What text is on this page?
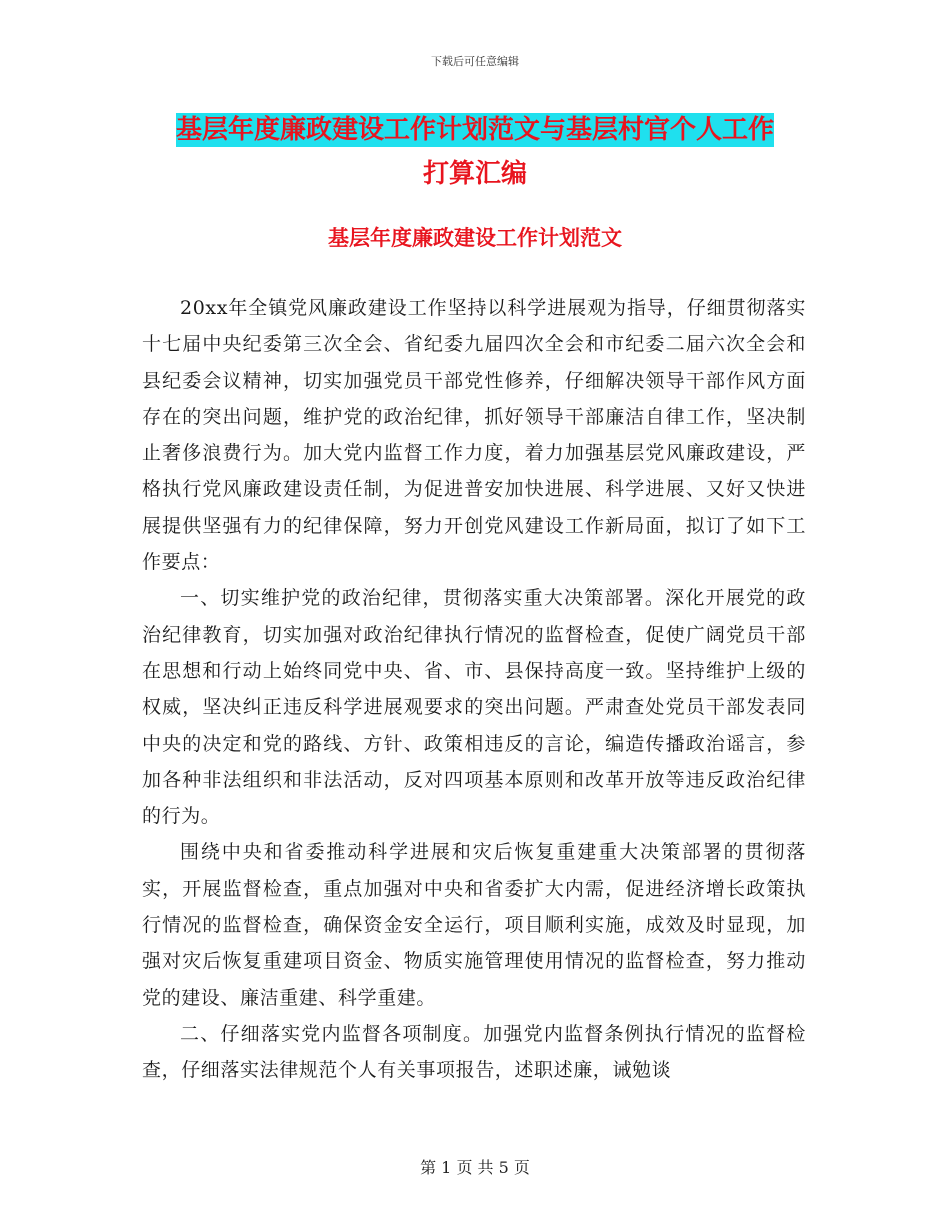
下载后可任意编辑
基层年度廉政建设工作计划范文与基层村官个人工作
打算汇编
基层年度廉政建设工作计划范文

20xx年全镇党风廉政建设工作坚持以科学进展观为指导，仔细贯彻落实十七届中央纪委第三次全会、省纪委九届四次全会和市纪委二届六次全会和县纪委会议精神，切实加强党员干部党性修养，仔细解决领导干部作风方面存在的突出问题，维护党的政治纪律，抓好领导干部廉洁自律工作，坚决制止奢侈浪费行为。加大党内监督工作力度，着力加强基层党风廉政建设，严格执行党风廉政建设责任制，为促进普安加快进展、科学进展、又好又快进展提供坚强有力的纪律保障，努力开创党风建设工作新局面，拟订了如下工作要点：

一、切实维护党的政治纪律，贯彻落实重大决策部署。深化开展党的政治纪律教育，切实加强对政治纪律执行情况的监督检查，促使广阔党员干部在思想和行动上始终同党中央、省、市、县保持高度一致。坚持维护上级的权威，坚决纠正违反科学进展观要求的突出问题。严肃查处党员干部发表同中央的决定和党的路线、方针、政策相违反的言论，编造传播政治谣言，参加各种非法组织和非法活动，反对四项基本原则和改革开放等违反政治纪律的行为。

围绕中央和省委推动科学进展和灾后恢复重建重大决策部署的贯彻落实，开展监督检查，重点加强对中央和省委扩大内需，促进经济增长政策执行情况的监督检查，确保资金安全运行，项目顺利实施，成效及时显现，加强对灾后恢复重建项目资金、物质实施管理使用情况的监督检查，努力推动党的建设、廉洁重建、科学重建。

二、仔细落实党内监督各项制度。加强党内监督条例执行情况的监督检查，仔细落实法律规范个人有关事项报告，述职述廉，诫勉谈

第 1 页 共 5 页
